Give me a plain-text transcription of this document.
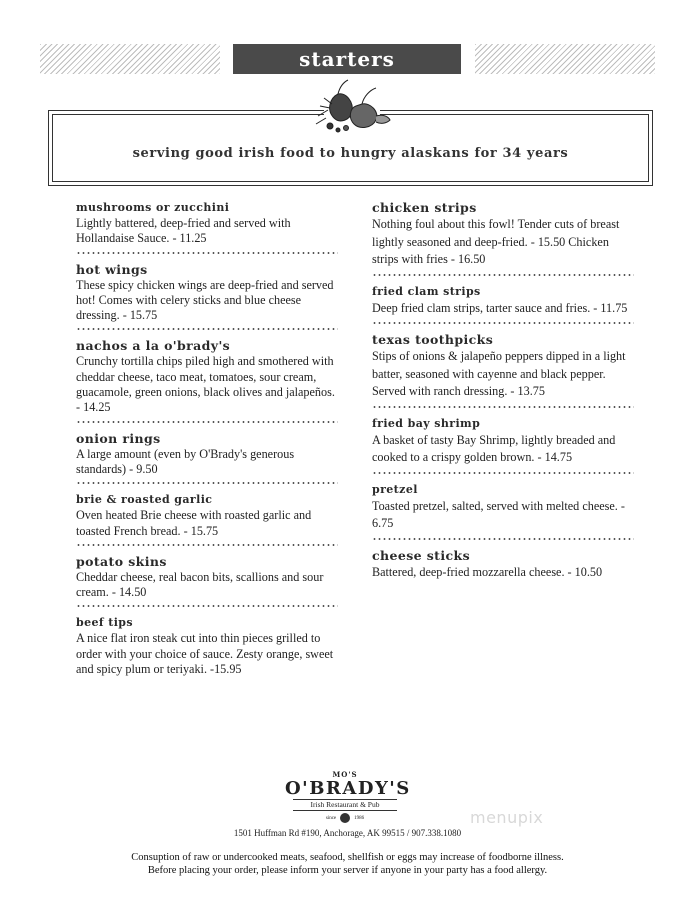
starters
serving good irish food to hungry alaskans for 34 years
mushrooms or zucchini
Lightly battered, deep-fried and served with Hollandaise Sauce. - 11.25
hot wings
These spicy chicken wings are deep-fried and served hot! Comes with celery sticks and blue cheese dressing. - 15.75
nachos a la o'brady's
Crunchy tortilla chips piled high and smothered with cheddar cheese, taco meat, tomatoes, sour cream, guacamole, green onions, black olives and jalapeños. - 14.25
onion rings
A large amount (even by O'Brady's generous standards) - 9.50
brie & roasted garlic
Oven heated Brie cheese with roasted garlic and toasted French bread. - 15.75
potato skins
Cheddar cheese, real bacon bits, scallions and sour cream. - 14.50
beef tips
A nice flat iron steak cut into thin pieces grilled to order with your choice of sauce. Zesty orange, sweet and spicy plum or teriyaki. -15.95
chicken strips
Nothing foul about this fowl! Tender cuts of breast lightly seasoned and deep-fried. - 15.50 Chicken strips with fries - 16.50
fried clam strips
Deep fried clam strips, tarter sauce and fries. - 11.75
texas toothpicks
Stips of onions & jalapeño peppers dipped in a light batter, seasoned with cayenne and black pepper. Served with ranch dressing. - 13.75
fried bay shrimp
A basket of tasty Bay Shrimp, lightly breaded and cooked to a crispy golden brown. - 14.75
pretzel
Toasted pretzel, salted, served with melted cheese. - 6.75
cheese sticks
Battered, deep-fried mozzarella cheese. - 10.50
MO'S
O'BRADY'S
Irish Restaurant & Pub
since	1986	menupix
1501 Huffman Rd #190, Anchorage, AK 99515 / 907.338.1080
Consuption of raw or undercooked meats, seafood, shellfish or eggs may increase of foodborne illness.
Before placing your order, please inform your server if anyone in your party has a food allergy.
